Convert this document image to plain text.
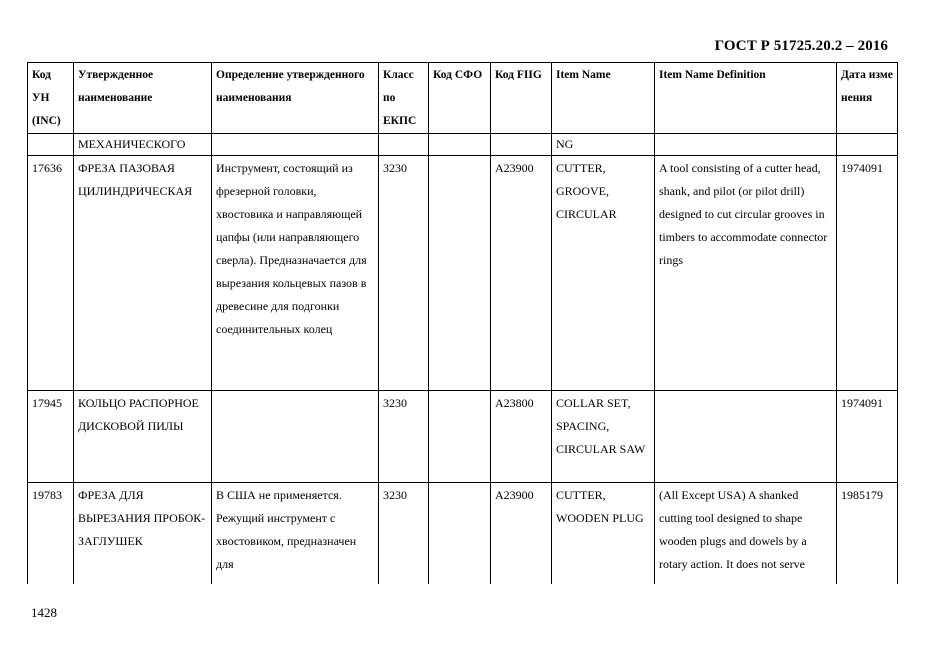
ГОСТ Р 51725.20.2 – 2016
Код УН (INC)	Утвержденное наименование	Определение утвержденного наименования	Класс по ЕКПС	Код СФО	Код FIIG	Item Name	Item Name Definition	Дата изменения
	МЕХАНИЧЕСКОГО					NG		
17636	ФРЕЗА ПАЗОВАЯ ЦИЛИНДРИЧЕСКАЯ	Инструмент, состоящий из фрезерной головки, хвостовика и направляющей цапфы (или направляющего сверла). Предназначается для вырезания кольцевых пазов в древесине для подгонки соединительных колец	3230		A23900	CUTTER, GROOVE, CIRCULAR	A tool consisting of a cutter head, shank, and pilot (or pilot drill) designed to cut circular grooves in timbers to accommodate connector rings	1974091
17945	КОЛЬЦО РАСПОРНОЕ ДИСКОВОЙ ПИЛЫ		3230		A23800	COLLAR SET, SPACING, CIRCULAR SAW		1974091
19783	ФРЕЗА ДЛЯ ВЫРЕЗАНИЯ ПРОБОК-ЗАГЛУШЕК	В США не применяется. Режущий инструмент с хвостовиком, предназначен для	3230		A23900	CUTTER, WOODEN PLUG	(All Except USA) A shanked cutting tool designed to shape wooden plugs and dowels by a rotary action. It does not serve	1985179
1428
